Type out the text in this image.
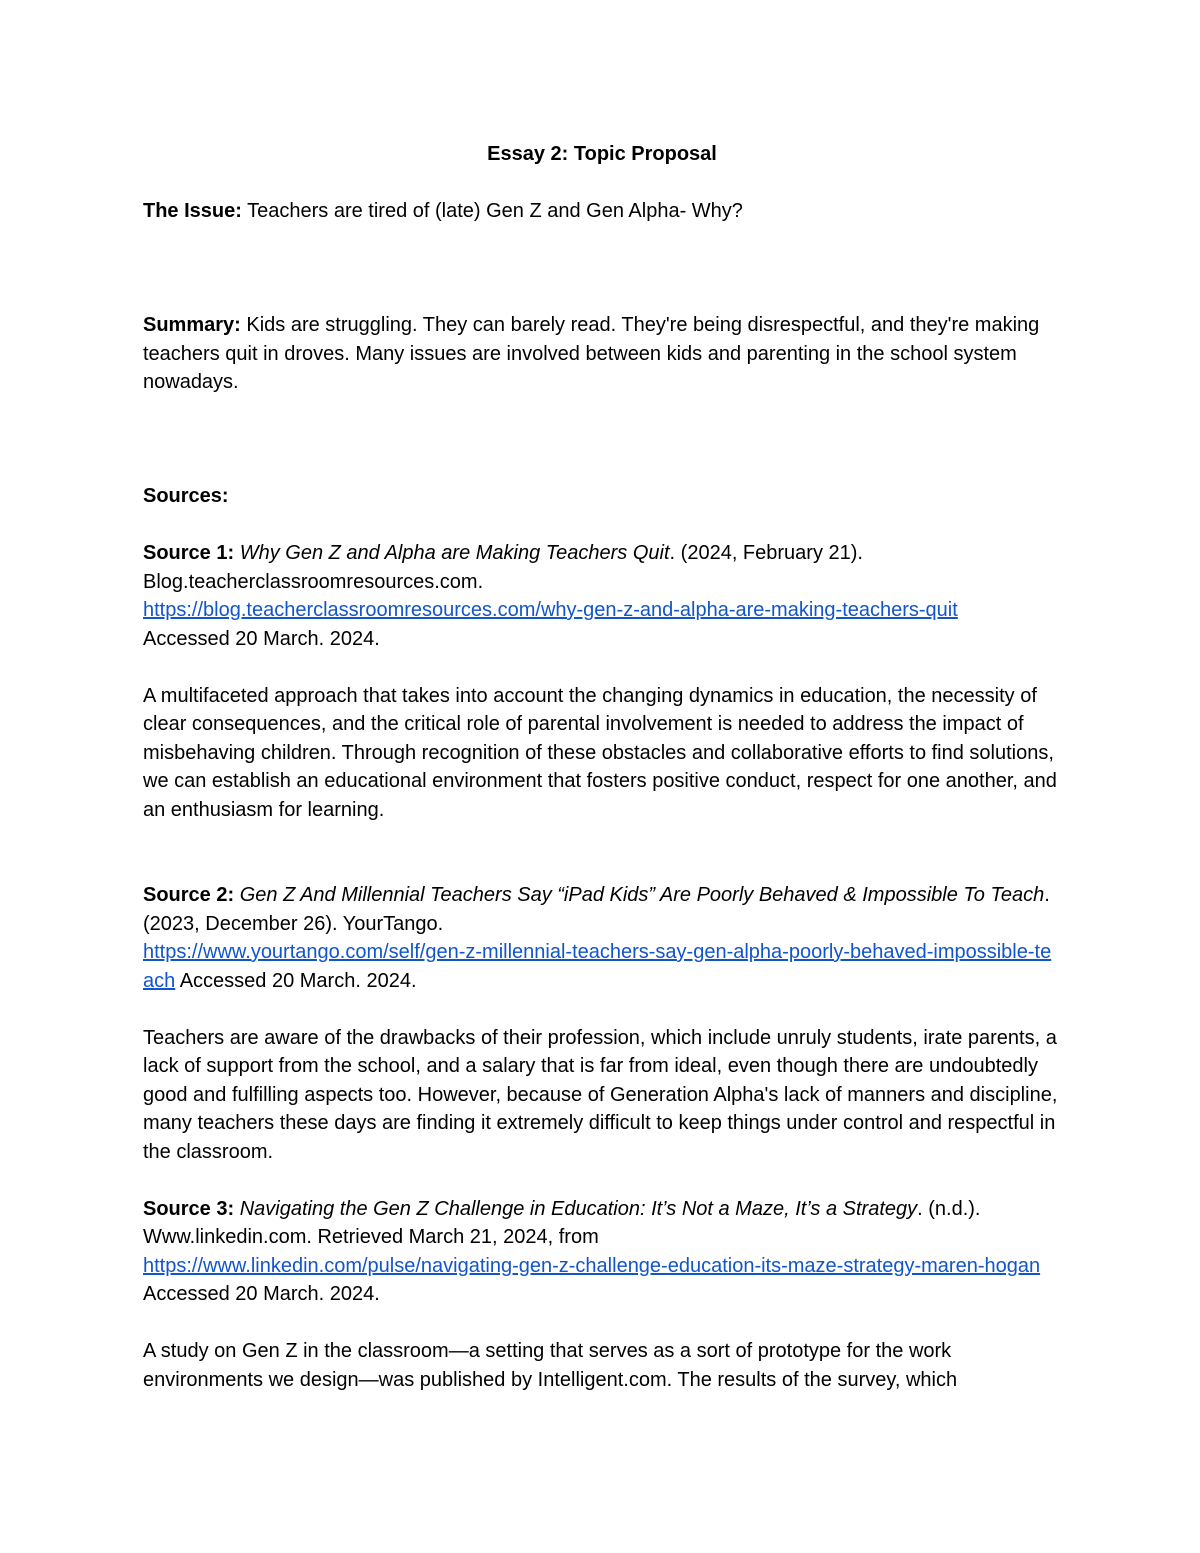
Essay 2: Topic Proposal

The Issue: Teachers are tired of (late) Gen Z and Gen Alpha- Why?

Summary: Kids are struggling. They can barely read. They're being disrespectful, and they're making teachers quit in droves. Many issues are involved between kids and parenting in the school system nowadays.

Sources:

Source 1: Why Gen Z and Alpha are Making Teachers Quit. (2024, February 21). Blog.teacherclassroomresources.com.
https://blog.teacherclassroomresources.com/why-gen-z-and-alpha-are-making-teachers-quit
Accessed 20 March. 2024.

A multifaceted approach that takes into account the changing dynamics in education, the necessity of clear consequences, and the critical role of parental involvement is needed to address the impact of misbehaving children. Through recognition of these obstacles and collaborative efforts to find solutions, we can establish an educational environment that fosters positive conduct, respect for one another, and an enthusiasm for learning.

Source 2: Gen Z And Millennial Teachers Say “iPad Kids” Are Poorly Behaved & Impossible To Teach. (2023, December 26). YourTango.
https://www.yourtango.com/self/gen-z-millennial-teachers-say-gen-alpha-poorly-behaved-impossible-teach Accessed 20 March. 2024.

Teachers are aware of the drawbacks of their profession, which include unruly students, irate parents, a lack of support from the school, and a salary that is far from ideal, even though there are undoubtedly good and fulfilling aspects too. However, because of Generation Alpha's lack of manners and discipline, many teachers these days are finding it extremely difficult to keep things under control and respectful in the classroom.

Source 3: Navigating the Gen Z Challenge in Education: It’s Not a Maze, It’s a Strategy. (n.d.). Www.linkedin.com. Retrieved March 21, 2024, from
https://www.linkedin.com/pulse/navigating-gen-z-challenge-education-its-maze-strategy-maren-hogan Accessed 20 March. 2024.

A study on Gen Z in the classroom—a setting that serves as a sort of prototype for the work environments we design—was published by Intelligent.com. The results of the survey, which
